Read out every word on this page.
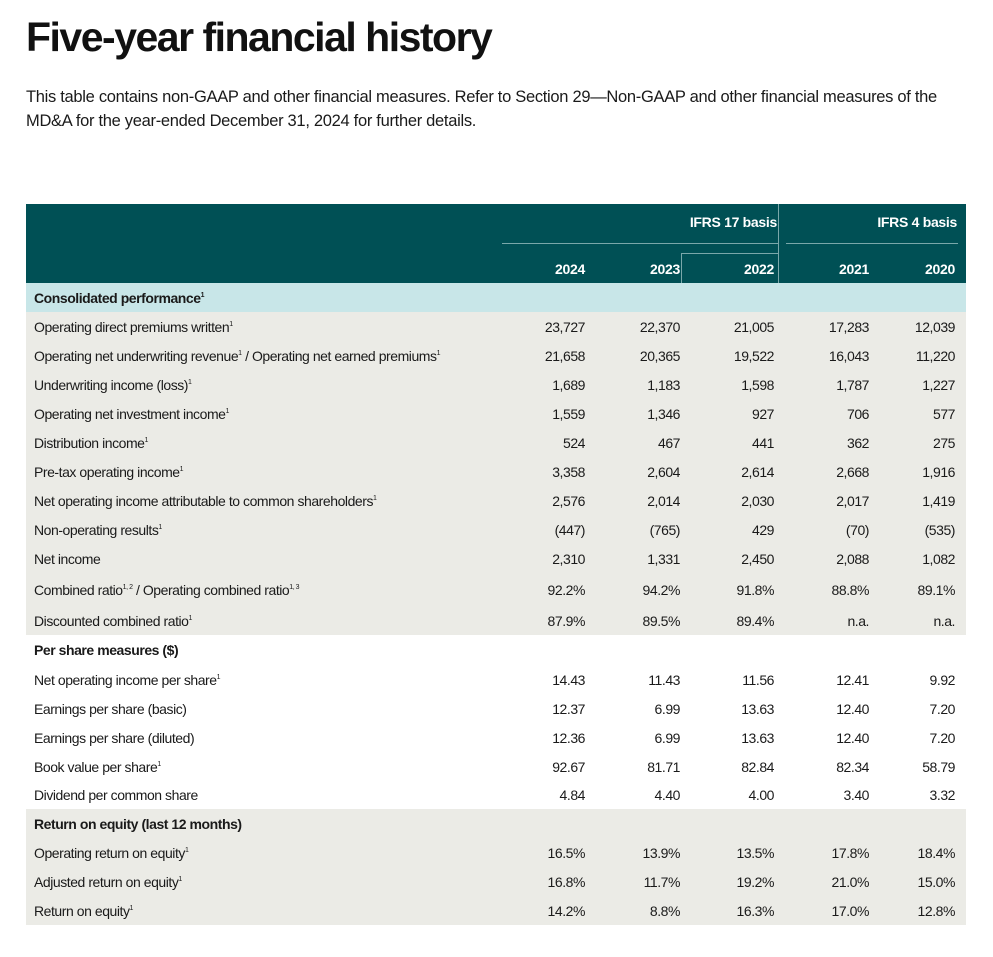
Five-year financial history
This table contains non-GAAP and other financial measures. Refer to Section 29—Non-GAAP and other financial measures of the MD&A for the year-ended December 31, 2024 for further details.
IFRS 17 basis	IFRS 4 basis
2024	2023	2022	2021	2020
Consolidated performance$^1$
Operating direct premiums written$^1$	23,727	22,370	21,005	17,283	12,039
Operating net underwriting revenue$^1$ / Operating net earned premiums$^1$	21,658	20,365	19,522	16,043	11,220
Underwriting income (loss)$^1$	1,689	1,183	1,598	1,787	1,227
Operating net investment income$^1$	1,559	1,346	927	706	577
Distribution income$^1$	524	467	441	362	275
Pre-tax operating income$^1$	3,358	2,604	2,614	2,668	1,916
Net operating income attributable to common shareholders$^1$	2,576	2,014	2,030	2,017	1,419
Non-operating results$^1$	(447)	(765)	429	(70)	(535)
Net income	2,310	1,331	2,450	2,088	1,082
Combined ratio$^{1, 2}$ / Operating combined ratio$^{1, 3}$	92.2%	94.2%	91.8%	88.8%	89.1%
Discounted combined ratio$^1$	87.9%	89.5%	89.4%	n.a.	n.a.
Per share measures ($)
Net operating income per share$^1$	14.43	11.43	11.56	12.41	9.92
Earnings per share (basic)	12.37	6.99	13.63	12.40	7.20
Earnings per share (diluted)	12.36	6.99	13.63	12.40	7.20
Book value per share$^1$	92.67	81.71	82.84	82.34	58.79
Dividend per common share	4.84	4.40	4.00	3.40	3.32
Return on equity (last 12 months)
Operating return on equity$^1$	16.5%	13.9%	13.5%	17.8%	18.4%
Adjusted return on equity$^1$	16.8%	11.7%	19.2%	21.0%	15.0%
Return on equity$^1$	14.2%	8.8%	16.3%	17.0%	12.8%
